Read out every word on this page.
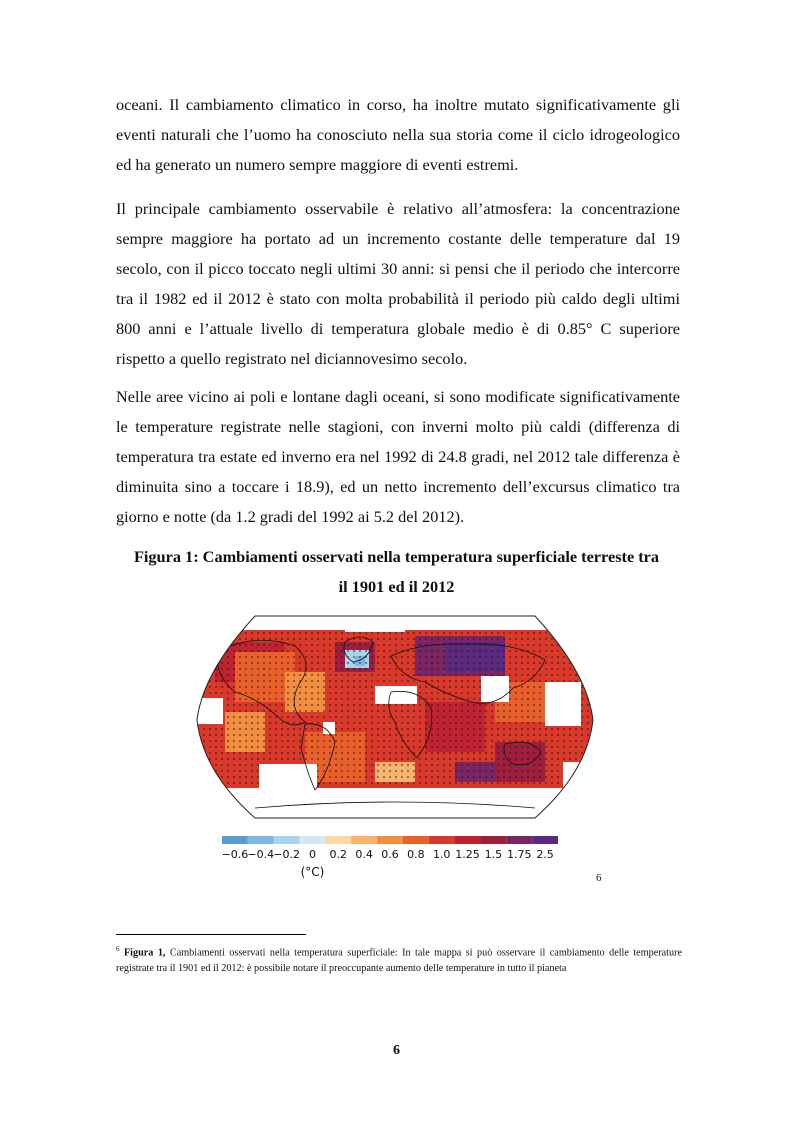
oceani. Il cambiamento climatico in corso, ha inoltre mutato significativamente gli eventi naturali che l’uomo ha conosciuto nella sua storia come il ciclo idrogeologico ed ha generato un numero sempre maggiore di eventi estremi.

Il principale cambiamento osservabile è relativo all’atmosfera: la concentrazione sempre maggiore ha portato ad un incremento costante delle temperature dal 19 secolo, con il picco toccato negli ultimi 30 anni: si pensi che il periodo che intercorre tra il 1982 ed il 2012 è stato con molta probabilità il periodo più caldo degli ultimi 800 anni e l’attuale livello di temperatura globale medio è di 0.85° C superiore rispetto a quello registrato nel diciannovesimo secolo.

Nelle aree vicino ai poli e lontane dagli oceani, si sono modificate significativamente le temperature registrate nelle stagioni, con inverni molto più caldi (differenza di temperatura tra estate ed inverno era nel 1992 di 24.8 gradi, nel 2012 tale differenza è diminuita sino a toccare i 18.9), ed un netto incremento dell’excursus climatico tra giorno e notte (da 1.2 gradi del 1992 ai 5.2 del 2012).

Figura 1: Cambiamenti osservati nella temperatura superficiale terreste tra

il 1901 ed il 2012

−0.6 −0.4 −0.2 0 0.2 0.4 0.6 0.8 1.0 1.25 1.5 1.75 2.5
(°C)	6

$^6$ Figura 1, Cambiamenti osservati nella temperatura superficiale: In tale mappa si può osservare il cambiamento delle temperature registrate tra il 1901 ed il 2012: è possibile notare il preoccupante aumento delle temperature in tutto il pianeta

6
